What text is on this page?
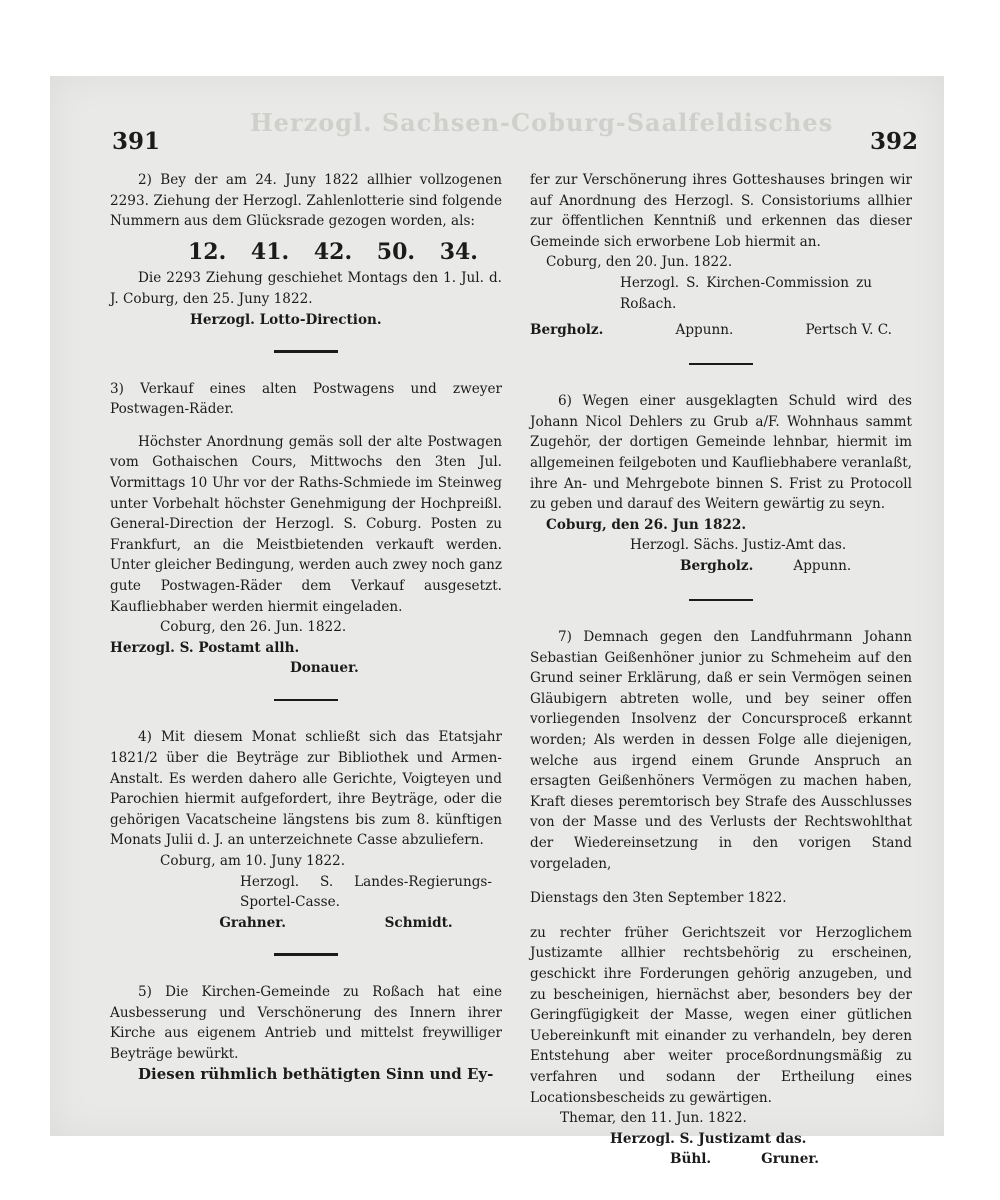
Herzogl. Sachsen-Coburg-Saalfeldisches
391	392

2) Bey der am 24. Juny 1822 allhier vollzogenen 2293. Ziehung der Herzogl. Zahlenlotterie sind folgende Nummern aus dem Glücksrade gezogen worden, als:

12. 41. 42. 50. 34.

Die 2293 Ziehung geschiehet Montags den 1. Jul. d. J. Coburg, den 25. Juny 1822.

Herzogl. Lotto-Direction.

3) Verkauf eines alten Postwagens und zweyer Postwagen-Räder.

Höchster Anordnung gemäs soll der alte Postwagen vom Gothaischen Cours, Mittwochs den 3ten Jul. Vormittags 10 Uhr vor der Raths-Schmiede im Steinweg unter Vorbehalt höchster Genehmigung der Hochpreißl. General-Direction der Herzogl. S. Coburg. Posten zu Frankfurt, an die Meistbietenden verkauft werden. Unter gleicher Bedingung, werden auch zwey noch ganz gute Postwagen-Räder dem Verkauf ausgesetzt. Kaufliebhaber werden hiermit eingeladen.

Coburg, den 26. Jun. 1822.

Herzogl. S. Postamt allh.

Donauer.

4) Mit diesem Monat schließt sich das Etatsjahr 1821/2 über die Beyträge zur Bibliothek und Armen-Anstalt. Es werden dahero alle Gerichte, Voigteyen und Parochien hiermit aufgefordert, ihre Beyträge, oder die gehörigen Vacatscheine längstens bis zum 8. künftigen Monats Julii d. J. an unterzeichnete Casse abzuliefern.

Coburg, am 10. Juny 1822.

Herzogl. S. Landes-Regierungs-Sportel-Casse.

Grahner.	Schmidt.

5) Die Kirchen-Gemeinde zu Roßach hat eine Ausbesserung und Verschönerung des Innern ihrer Kirche aus eigenem Antrieb und mittelst freywilliger Beyträge bewürkt.

Diesen rühmlich bethätigten Sinn und Ey-

fer zur Verschönerung ihres Gotteshauses bringen wir auf Anordnung des Herzogl. S. Consistoriums allhier zur öffentlichen Kenntniß und erkennen das dieser Gemeinde sich erworbene Lob hiermit an.

Coburg, den 20. Jun. 1822.

Herzogl. S. Kirchen-Commission zu Roßach.

Bergholz.	Appunn.	Pertsch V. C.

6) Wegen einer ausgeklagten Schuld wird des Johann Nicol Dehlers zu Grub a/F. Wohnhaus sammt Zugehör, der dortigen Gemeinde lehnbar, hiermit im allgemeinen feilgeboten und Kaufliebhabere veranlaßt, ihre An- und Mehrgebote binnen S. Frist zu Protocoll zu geben und darauf des Weitern gewärtig zu seyn.

Coburg, den 26. Jun 1822.

Herzogl. Sächs. Justiz-Amt das.

Bergholz.	Appunn.

7) Demnach gegen den Landfuhrmann Johann Sebastian Geißenhöner junior zu Schmeheim auf den Grund seiner Erklärung, daß er sein Vermögen seinen Gläubigern abtreten wolle, und bey seiner offen vorliegenden Insolvenz der Concursproceß erkannt worden; Als werden in dessen Folge alle diejenigen, welche aus irgend einem Grunde Anspruch an ersagten Geißenhöners Vermögen zu machen haben, Kraft dieses peremtorisch bey Strafe des Ausschlusses von der Masse und des Verlusts der Rechtswohlthat der Wiedereinsetzung in den vorigen Stand vorgeladen,

Dienstags den 3ten September 1822.

zu rechter früher Gerichtszeit vor Herzoglichem Justizamte allhier rechtsbehörig zu erscheinen, geschickt ihre Forderungen gehörig anzugeben, und zu bescheinigen, hiernächst aber, besonders bey der Geringfügigkeit der Masse, wegen einer gütlichen Uebereinkunft mit einander zu verhandeln, bey deren Entstehung aber weiter proceßordnungsmäßig zu verfahren und sodann der Ertheilung eines Locationsbescheids zu gewärtigen.

Themar, den 11. Jun. 1822.

Herzogl. S. Justizamt das.

Bühl.	Gruner.
